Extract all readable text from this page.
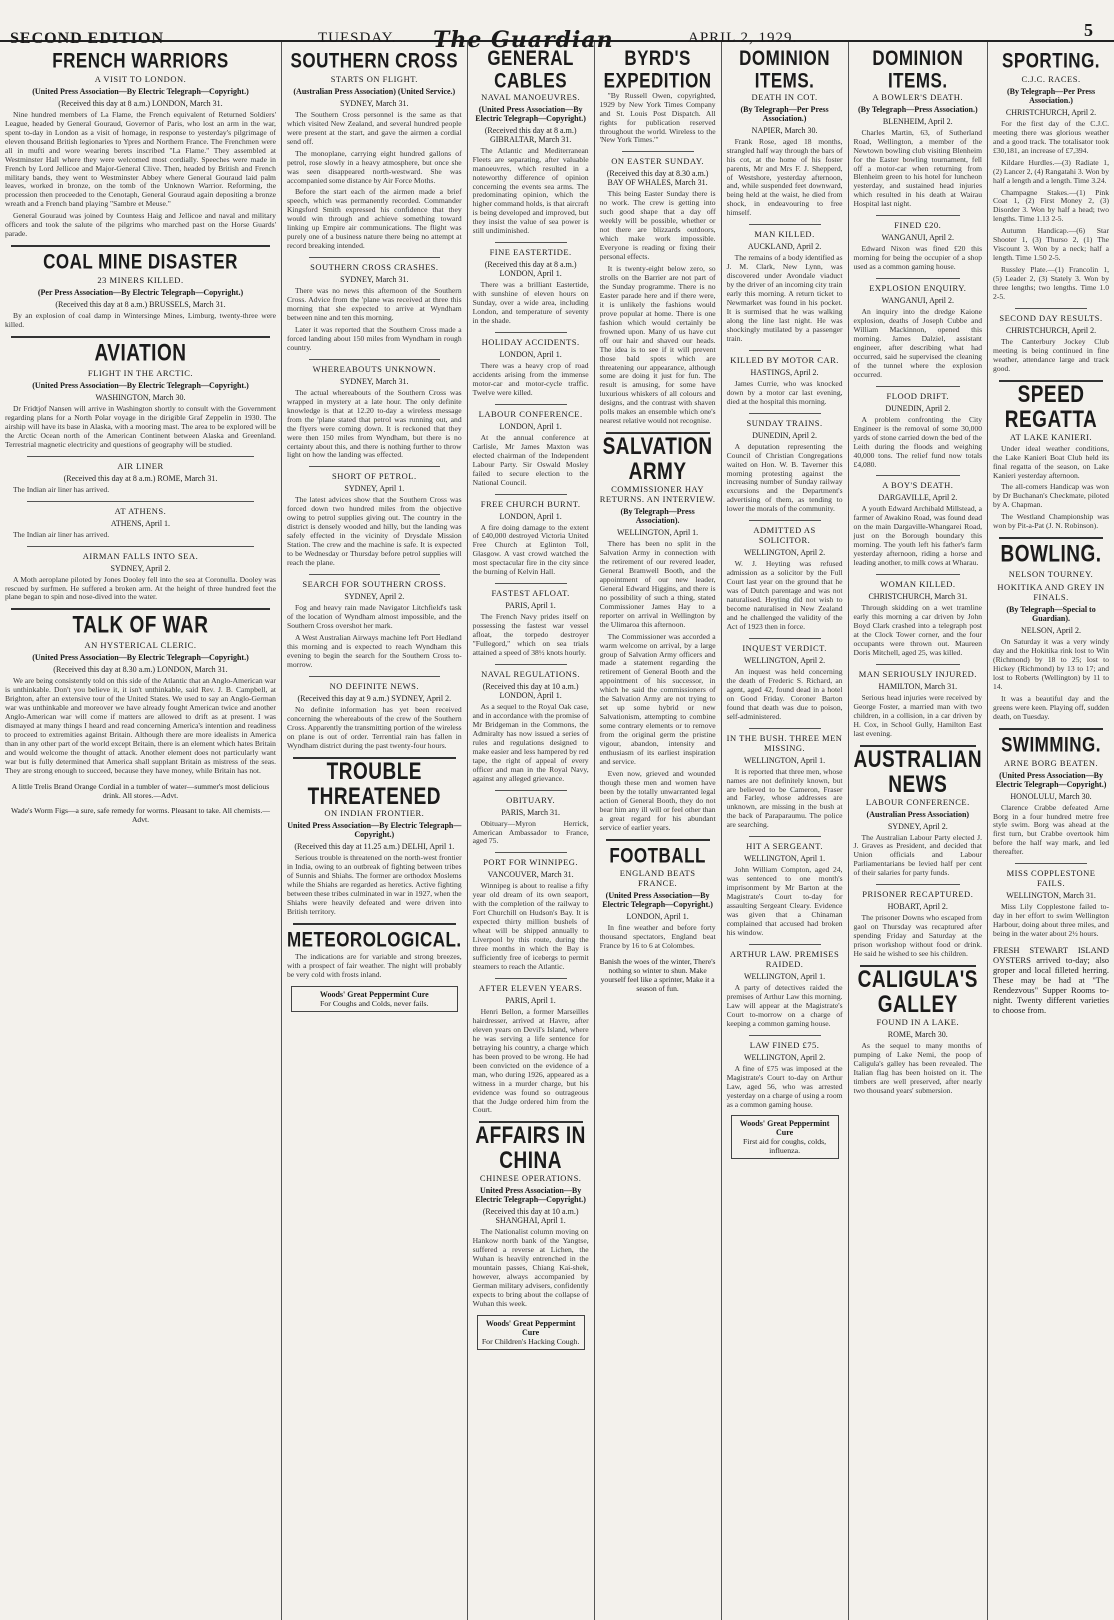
SECOND EDITION	TUESDAY. The Guardian	APRIL 2, 1929.	5
FRENCH WARRIORS
A VISIT TO LONDON.
(United Press Association—By Electric Telegraph—Copyright.)
(Received this day at 8 a.m.) LONDON, March 31.
Nine hundred members of La Flame, the French equivalent of Returned Soldiers' League, headed by General Gouraud, Governor of Paris, who lost an arm in the war, spent to-day in London as a visit of homage, in response to yesterday's pilgrimage of eleven thousand British legionaries to Ypres and Northern France. The Frenchmen were all in mufti and wore wearing berets inscribed "La Flame." They assembled at Westminster Hall where they were welcomed most cordially. Speeches were made in French by Lord Jellicoe and Major-General Clive. Then, headed by British and French military bands, they went to Westminster Abbey where General Gouraud laid palm leaves, worked in bronze, on the tomb of the Unknown Warrior. Reforming, the procession then proceeded to the Cenotaph, General Gouraud again depositing a bronze wreath and a French band playing "Sambre et Meuse."
General Gouraud was joined by Countess Haig and Jellicoe and naval and military officers and took the salute of the pilgrims who marched past on the Horse Guards' parade.
COAL MINE DISASTER
23 MINERS KILLED.
(Per Press Association—By Electric Telegraph—Copyright.)
(Received this day at 8 a.m.) BRUSSELS, March 31.
By an explosion of coal damp in Wintersinge Mines, Limburg, twenty-three were killed.
AVIATION
FLIGHT IN THE ARCTIC.
(United Press Association—By Electric Telegraph—Copyright.)
WASHINGTON, March 30.
Dr Fridtjof Nansen will arrive in Washington shortly to consult with the Government regarding plans for a North Polar voyage in the dirigible Graf Zeppelin in 1930. The airship will have its base in Alaska, with a mooring mast. The area to be explored will be the Arctic Ocean north of the American Continent between Alaska and Greenland. Terrestrial magnetic electricity and questions of geography will be studied.
AIR LINER
(Received this day at 8 a.m.) ROME, March 31.
The Indian air liner has arrived.
AT ATHENS.
ATHENS, April 1.
The Indian air liner has arrived.
AIRMAN FALLS INTO SEA.
SYDNEY, April 2.
A Moth aeroplane piloted by Jones Dooley fell into the sea at Coronulla. Dooley was rescued by surfmen. He suffered a broken arm. At the height of three hundred feet the plane began to spin and nose-dived into the water.
TALK OF WAR
AN HYSTERICAL CLERIC.
(United Press Association—By Electric Telegraph—Copyright.)
(Received this day at 8.30 a.m.) LONDON, March 31.
We are being consistently told on this side of the Atlantic that an Anglo-American war is unthinkable. Don't you believe it, it isn't unthinkable, said Rev. J. B. Campbell, at Brighton, after an extensive tour of the United States. We used to say an Anglo-German war was unthinkable and moreover we have already fought American twice and another Anglo-American war will come if matters are allowed to drift as at present. I was dismayed at many things I heard and read concerning America's intention and readiness to proceed to extremities against Britain. Although there are more idealists in America than in any other part of the world except Britain, there is an element which hates Britain and would welcome the thought of attack. Another element does not particularly want war but is fully determined that America shall supplant Britain as mistress of the seas. They are strong enough to succeed, because they have money, while Britain has not.
A little Trelis Brand Orange Cordial in a tumbler of water—summer's most delicious drink. All stores.—Advt.
Wade's Worm Figs—a sure, safe remedy for worms. Pleasant to take. All chemists.—Advt.
SOUTHERN CROSS
STARTS ON FLIGHT.
(Australian Press Association) (United Service.)
SYDNEY, March 31.
The Southern Cross personnel is the same as that which visited New Zealand, and several hundred people were present at the start, and gave the airmen a cordial send off.
The monoplane, carrying eight hundred gallons of petrol, rose slowly in a heavy atmosphere, but once she was seen disappeared north-westward. She was accompanied some distance by Air Force Moths.
Before the start each of the airmen made a brief speech, which was permanently recorded. Commander Kingsford Smith expressed his confidence that they would win through and achieve something toward linking up Empire air communications. The flight was purely one of a business nature there being no attempt at record breaking intended.
SOUTHERN CROSS CRASHES.
SYDNEY, March 31.
There was no news this afternoon of the Southern Cross. Advice from the 'plane was received at three this morning that she expected to arrive at Wyndham between nine and ten this morning.
Later it was reported that the Southern Cross made a forced landing about 150 miles from Wyndham in rough country.
WHEREABOUTS UNKNOWN.
SYDNEY, March 31.
The actual whereabouts of the Southern Cross was wrapped in mystery at a late hour. The only definite knowledge is that at 12.20 to-day a wireless message from the 'plane stated that petrol was running out, and the flyers were coming down. It is reckoned that they were then 150 miles from Wyndham, but there is no certainty about this, and there is nothing further to throw light on how the landing was effected.
SHORT OF PETROL.
SYDNEY, April 1.
The latest advices show that the Southern Cross was forced down two hundred miles from the objective owing to petrol supplies giving out. The country in the district is densely wooded and hilly, but the landing was safely effected in the vicinity of Drysdale Mission Station. The crew and the machine is safe. It is expected to be Wednesday or Thursday before petrol supplies will reach the plane.
SEARCH FOR SOUTHERN CROSS.
SYDNEY, April 2.
Fog and heavy rain made Navigator Litchfield's task of the location of Wyndham almost impossible, and the Southern Cross overshot her mark.
A West Australian Airways machine left Port Hedland this morning and is expected to reach Wyndham this evening to begin the search for the Southern Cross to-morrow.
NO DEFINITE NEWS.
(Received this day at 9 a.m.) SYDNEY, April 2.
No definite information has yet been received concerning the whereabouts of the crew of the Southern Cross. Apparently the transmitting portion of the wireless on plane is out of order. Terrential rain has fallen in Wyndham district during the past twenty-four hours.
TROUBLE THREATENED
ON INDIAN FRONTIER.
United Press Association—By Electric Telegraph—Copyright.)
(Received this day at 11.25 a.m.) DELHI, April 1.
Serious trouble is threatened on the north-west frontier in India, owing to an outbreak of fighting between tribes of Sunnis and Shiahs. The former are orthodox Moslems while the Shiahs are regarded as heretics. Active fighting between these tribes culminated in war in 1927, when the Shiahs were heavily defeated and were driven into British territory.
METEOROLOGICAL.
The indications are for variable and strong breezes, with a prospect of fair weather. The night will probably be very cold with frosts inland.
Woods' Great Peppermint Cure
For Coughs and Colds, never fails.
GENERAL CABLES
NAVAL MANOEUVRES.
(United Press Association—By Electric Telegraph—Copyright.)
(Received this day at 8 a.m.) GIBRALTAR, March 31.
The Atlantic and Mediterranean Fleets are separating, after valuable manoeuvres, which resulted in a noteworthy difference of opinion concerning the events sea arms. The predominating opinion, which the higher command holds, is that aircraft is being developed and improved, but they insist the value of sea power is still undiminished.
FINE EASTERTIDE.
(Received this day at 8 a.m.) LONDON, April 1.
There was a brilliant Eastertide, with sunshine of eleven hours on Sunday, over a wide area, including London, and temperature of seventy in the shade.
HOLIDAY ACCIDENTS.
LONDON, April 1.
There was a heavy crop of road accidents arising from the immense motor-car and motor-cycle traffic. Twelve were killed.
LABOUR CONFERENCE.
LONDON, April 1.
At the annual conference at Carlisle, Mr James Maxton was elected chairman of the Independent Labour Party. Sir Oswald Mosley failed to secure election to the National Council.
FREE CHURCH BURNT.
LONDON, April 1.
A fire doing damage to the extent of £40,000 destroyed Victoria United Free Church at Eglinton Toll, Glasgow. A vast crowd watched the most spectacular fire in the city since the burning of Kelvin Hall.
FASTEST AFLOAT.
PARIS, April 1.
The French Navy prides itself on possessing the fastest war vessel afloat, the torpedo destroyer "Fullegord," which on sea trials attained a speed of 38½ knots hourly.
NAVAL REGULATIONS.
(Received this day at 10 a.m.) LONDON, April 1.
As a sequel to the Royal Oak case, and in accordance with the promise of Mr Bridgeman in the Commons, the Admiralty has now issued a series of rules and regulations designed to make easier and less hampered by red tape, the right of appeal of every officer and man in the Royal Navy, against any alleged grievance.
OBITUARY.
PARIS, March 31.
Obituary—Myron Herrick, American Ambassador to France, aged 75.
PORT FOR WINNIPEG.
VANCOUVER, March 31.
Winnipeg is about to realise a fifty year old dream of its own seaport, with the completion of the railway to Fort Churchill on Hudson's Bay. It is expected thirty million bushels of wheat will be shipped annually to Liverpool by this route, during the three months in which the Bay is sufficiently free of icebergs to permit steamers to reach the Atlantic.
AFTER ELEVEN YEARS.
PARIS, April 1.
Henri Bellon, a former Marseilles hairdresser, arrived at Havre, after eleven years on Devil's Island, where he was serving a life sentence for betraying his country, a charge which has been proved to be wrong. He had been convicted on the evidence of a man, who during 1926, appeared as a witness in a murder charge, but his evidence was found so outrageous that the Judge ordered him from the Court.
AFFAIRS IN CHINA
CHINESE OPERATIONS.
United Press Association—By Electric Telegraph—Copyright.)
(Received this day at 10 a.m.) SHANGHAI, April 1.
The Nationalist column moving on Hankow north bank of the Yangtse, suffered a reverse at Lichen, the Wuhan is heavily entrenched in the mountain passes, Chiang Kai-shek, however, always accompanied by German military advisers, confidently expects to bring about the collapse of Wuhan this week.
Woods' Great Peppermint Cure
For Children's Hacking Cough.
BYRD'S EXPEDITION
"By Russell Owen, copyrighted, 1929 by New York Times Company and St. Louis Post Dispatch. All rights for publication reserved throughout the world. Wireless to the 'New York Times.'"
ON EASTER SUNDAY.
(Received this day at 8.30 a.m.) BAY OF WHALES, March 31.
This being Easter Sunday there is no work. The crew is getting into such good shape that a day off weekly will be possible, whether or not there are blizzards outdoors, which make work impossible. Everyone is reading or fixing their personal effects.
It is twenty-eight below zero, so strolls on the Barrier are not part of the Sunday programme. There is no Easter parade here and if there were, it is unlikely the fashions would prove popular at home. There is one fashion which would certainly be frowned upon. Many of us have cut off our hair and shaved our heads. The idea is to see if it will prevent those bald spots which are threatening our appearance, although some are doing it just for fun. The result is amusing, for some have luxurious whiskers of all colours and designs, and the contrast with shaven polls makes an ensemble which one's nearest relative would not recognise.
SALVATION ARMY
COMMISSIONER HAY RETURNS. AN INTERVIEW.
(By Telegraph—Press Association).
WELLINGTON, April 1.
There has been no split in the Salvation Army in connection with the retirement of our revered leader, General Bramwell Booth, and the appointment of our new leader, General Edward Higgins, and there is no possibility of such a thing, stated Commissioner James Hay to a reporter on arrival in Wellington by the Ulimaroa this afternoon.
The Commissioner was accorded a warm welcome on arrival, by a large group of Salvation Army officers and made a statement regarding the retirement of General Booth and the appointment of his successor, in which he said the commissioners of the Salvation Army are not trying to set up some hybrid or new Salvationism, attempting to combine some contrary elements or to remove from the original germ the pristine vigour, abandon, intensity and enthusiasm of its earliest inspiration and service.
Even now, grieved and wounded though these men and women have been by the totally unwarranted legal action of General Booth, they do not bear him any ill will or feel other than a great regard for his abundant service of earlier years.
FOOTBALL
ENGLAND BEATS FRANCE.
(United Press Association—By Electric Telegraph—Copyright.)
LONDON, April 1.
In fine weather and before forty thousand spectators, England beat France by 16 to 6 at Colombes.
Banish the woes of the winter, There's nothing so winter to shun. Make yourself feel like a sprinter, Make it a season of fun.
DOMINION ITEMS.
DEATH IN COT.
(By Telegraph—Per Press Association.)
NAPIER, March 30.
Frank Rose, aged 18 months, strangled half way through the bars of his cot, at the home of his foster parents, Mr and Mrs F. J. Shepperd, of Westshore, yesterday afternoon, and, while suspended feet downward, being held at the waist, he died from shock, in endeavouring to free himself.
MAN KILLED.
AUCKLAND, April 2.
The remains of a body identified as J. M. Clark, New Lynn, was discovered under Avondale viaduct by the driver of an incoming city train early this morning. A return ticket to Newmarket was found in his pocket. It is surmised that he was walking along the line last night. He was shockingly mutilated by a passenger train.
KILLED BY MOTOR CAR.
HASTINGS, April 2.
James Currie, who was knocked down by a motor car last evening, died at the hospital this morning.
SUNDAY TRAINS.
DUNEDIN, April 2.
A deputation representing the Council of Christian Congregations waited on Hon. W. B. Taverner this morning protesting against the increasing number of Sunday railway excursions and the Department's advertising of them, as tending to lower the morals of the community.
ADMITTED AS SOLICITOR.
WELLINGTON, April 2.
W. J. Heyting was refused admission as a solicitor by the Full Court last year on the ground that he was of Dutch parentage and was not naturalised. Heyting did not wish to become naturalised in New Zealand and he challenged the validity of the Act of 1923 then in force.
INQUEST VERDICT.
WELLINGTON, April 2.
An inquest was held concerning the death of Frederic S. Richard, an agent, aged 42, found dead in a hotel on Good Friday. Coroner Barton found that death was due to poison, self-administered.
IN THE BUSH. THREE MEN MISSING.
WELLINGTON, April 1.
It is reported that three men, whose names are not definitely known, but are believed to be Cameron, Fraser and Farley, whose addresses are unknown, are missing in the bush at the back of Paraparaumu. The police are searching.
HIT A SERGEANT.
WELLINGTON, April 1.
John William Compton, aged 24, was sentenced to one month's imprisonment by Mr Barton at the Magistrate's Court to-day for assaulting Sergeant Cleary. Evidence was given that a Chinaman complained that accused had broken his window.
ARTHUR LAW. PREMISES RAIDED.
WELLINGTON, April 1.
A party of detectives raided the premises of Arthur Law this morning. Law will appear at the Magistrate's Court to-morrow on a charge of keeping a common gaming house.
LAW FINED £75.
WELLINGTON, April 2.
A fine of £75 was imposed at the Magistrate's Court to-day on Arthur Law, aged 56, who was arrested yesterday on a charge of using a room as a common gaming house.
Woods' Great Peppermint Cure
First aid for coughs, colds, influenza.
DOMINION ITEMS.
A BOWLER'S DEATH.
(By Telegraph—Press Association.)
BLENHEIM, April 2.
Charles Martin, 63, of Sutherland Road, Wellington, a member of the Newtown bowling club visiting Blenheim for the Easter bowling tournament, fell off a motor-car when returning from Blenheim green to his hotel for luncheon yesterday, and sustained head injuries which resulted in his death at Wairau Hospital last night.
FINED £20.
WANGANUI, April 2.
Edward Nixon was fined £20 this morning for being the occupier of a shop used as a common gaming house.
EXPLOSION ENQUIRY.
WANGANUI, April 2.
An inquiry into the dredge Kaione explosion, deaths of Joseph Cubbe and William Mackinnon, opened this morning. James Dalziel, assistant engineer, after describing what had occurred, said he supervised the cleaning of the tunnel where the explosion occurred.
FLOOD DRIFT.
DUNEDIN, April 2.
A problem confronting the City Engineer is the removal of some 30,000 yards of stone carried down the bed of the Leith during the floods and weighing 40,000 tons. The relief fund now totals £4,080.
A BOY'S DEATH.
DARGAVILLE, April 2.
A youth Edward Archibald Millstead, a farmer of Awakino Road, was found dead on the main Dargaville-Whangarei Road, just on the Borough boundary this morning. The youth left his father's farm yesterday afternoon, riding a horse and leading another, to milk cows at Wharau.
WOMAN KILLED.
CHRISTCHURCH, March 31.
Through skidding on a wet tramline early this morning a car driven by John Boyd Clark crashed into a telegraph post at the Clock Tower corner, and the four occupants were thrown out. Maureen Doris Mitchell, aged 25, was killed.
MAN SERIOUSLY INJURED.
HAMILTON, March 31.
Serious head injuries were received by George Foster, a married man with two children, in a collision, in a car driven by H. Cox, in School Gully, Hamilton East last evening.
AUSTRALIAN NEWS
LABOUR CONFERENCE.
(Australian Press Association)
SYDNEY, April 2.
The Australian Labour Party elected J. J. Graves as President, and decided that Union officials and Labour Parliamentarians be levied half per cent of their salaries for party funds.
PRISONER RECAPTURED.
HOBART, April 2.
The prisoner Downs who escaped from gaol on Thursday was recaptured after spending Friday and Saturday at the prison workshop without food or drink. He said he wished to see his children.
CALIGULA'S GALLEY
FOUND IN A LAKE.
ROME, March 30.
As the sequel to many months of pumping of Lake Nemi, the poop of Caligula's galley has been revealed. The Italian flag has been hoisted on it. The timbers are well preserved, after nearly two thousand years' submersion.
SPORTING.
C.J.C. RACES.
(By Telegraph—Per Press Association.)
CHRISTCHURCH, April 2.
For the first day of the C.J.C. meeting there was glorious weather and a good track. The totalisator took £30,181, an increase of £7,394.
Kildare Hurdles.—(3) Radiate 1, (2) Lancer 2, (4) Rangatahi 3. Won by half a length and a length. Time 3.24.
Champagne Stakes.—(1) Pink Coat 1, (2) First Money 2, (3) Disorder 3. Won by half a head; two lengths. Time 1.13 2-5.
Autumn Handicap.—(6) Star Shooter 1, (3) Thurso 2, (1) The Viscount 3. Won by a neck; half a length. Time 1.50 2-5.
Russley Plate.—(1) Francolin 1, (5) Leader 2, (3) Stately 3. Won by three lengths; two lengths. Time 1.0 2-5.
SECOND DAY RESULTS.
CHRISTCHURCH, April 2.
The Canterbury Jockey Club meeting is being continued in fine weather, attendance large and track good.
SPEED REGATTA
AT LAKE KANIERI.
Under ideal weather conditions, the Lake Kanieri Boat Club held its final regatta of the season, on Lake Kanieri yesterday afternoon.
The all-comers Handicap was won by Dr Buchanan's Checkmate, piloted by A. Chapman.
The Westland Championship was won by Pit-a-Pat (J. N. Robinson).
BOWLING.
NELSON TOURNEY.
HOKITIKA AND GREY IN FINALS.
(By Telegraph—Special to Guardian).
NELSON, April 2.
On Saturday it was a very windy day and the Hokitika rink lost to Win (Richmond) by 18 to 25; lost to Hickey (Richmond) by 13 to 17; and lost to Roberts (Wellington) by 11 to 14.
It was a beautiful day and the greens were keen. Playing off, sudden death, on Tuesday.
SWIMMING.
ARNE BORG BEATEN.
(United Press Association—By Electric Telegraph—Copyright.)
HONOLULU, March 30.
Clarence Crabbe defeated Arne Borg in a four hundred metre free style swim. Borg was ahead at the first turn, but Crabbe overtook him before the half way mark, and led thereafter.
MISS COPPLESTONE FAILS.
WELLINGTON, March 31.
Miss Lily Copplestone failed to-day in her effort to swim Wellington Harbour, doing about three miles, and being in the water about 2½ hours.
FRESH STEWART ISLAND OYSTERS arrived to-day; also groper and local filleted herring. These may be had at "The Rendezvous" Supper Rooms to-night. Twenty different varieties to choose from.
